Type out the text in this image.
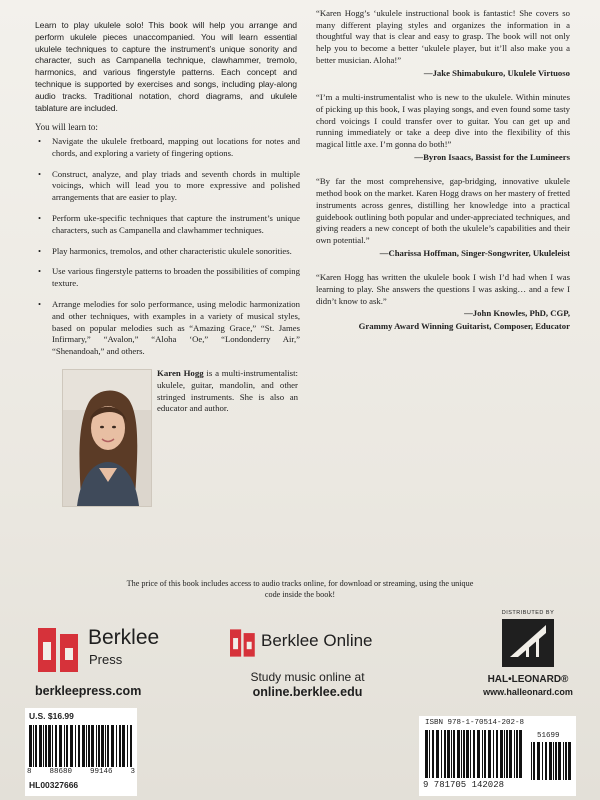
Learn to play ukulele solo! This book will help you arrange and perform ukulele pieces unaccompanied. You will learn essential ukulele techniques to capture the instrument’s unique sonority and character, such as Campanella technique, clawhammer, tremolo, harmonics, and various fingerstyle patterns. Each concept and technique is supported by exercises and songs, including play-along audio tracks. Traditional notation, chord diagrams, and ukulele tablature are included.
You will learn to:
• Navigate the ukulele fretboard, mapping out locations for notes and chords, and exploring a variety of fingering options.
• Construct, analyze, and play triads and seventh chords in multiple voicings, which will lead you to more expressive and polished arrangements that are easier to play.
• Perform uke-specific techniques that capture the instrument’s unique characters, such as Campanella and clawhammer techniques.
• Play harmonics, tremolos, and other characteristic ukulele sonorities.
• Use various fingerstyle patterns to broaden the possibilities of comping texture.
• Arrange melodies for solo performance, using melodic harmonization and other techniques, with examples in a variety of musical styles, based on popular melodies such as “Amazing Grace,” “St. James Infirmary,” “Avalon,” “Aloha ‘Oe,” “Londonderry Air,” “Shenandoah,” and others.
Karen Hogg is a multi-instrumentalist: ukulele, guitar, mandolin, and other stringed instruments. She is also an educator and author.

“Karen Hogg’s ‘ukulele instructional book is fantastic! She covers so many different playing styles and organizes the information in a thoughtful way that is clear and easy to grasp. The book will not only help you to become a better ‘ukulele player, but it’ll also make you a better musician. Aloha!”

—Jake Shimabukuro, Ukulele Virtuoso

“I’m a multi-instrumentalist who is new to the ukulele. Within minutes of picking up this book, I was playing songs, and even found some tasty chord voicings I could transfer over to guitar. You can get up and running immediately or take a deep dive into the flexibility of this magical little axe. I’m gonna do both!”

—Byron Isaacs, Bassist for the Lumineers

“By far the most comprehensive, gap-bridging, innovative ukulele method book on the market. Karen Hogg draws on her mastery of fretted instruments across genres, distilling her knowledge into a practical guidebook outlining both popular and under-appreciated techniques, and giving readers a new concept of both the ukulele’s capabilities and their own potential.”

—Charissa Hoffman, Singer-Songwriter, Ukuleleist

“Karen Hogg has written the ukulele book I wish I’d had when I was learning to play. She answers the questions I was asking… and a few I didn’t know to ask.”

—John Knowles, PhD, CGP,
Grammy Award Winning Guitarist, Composer, Educator
The price of this book includes access to audio tracks online, for download or streaming, using the unique code inside the book!
Berklee
Press
berkleepress.com
Berklee Online
Study music online at
online.berklee.edu
DISTRIBUTED BY
HAL•LEONARD®
www.halleonard.com
U.S. $16.99
8 88680 99146 3
HL00327666
ISBN 978-1-70514-202-8
51699
9 781705 142028
